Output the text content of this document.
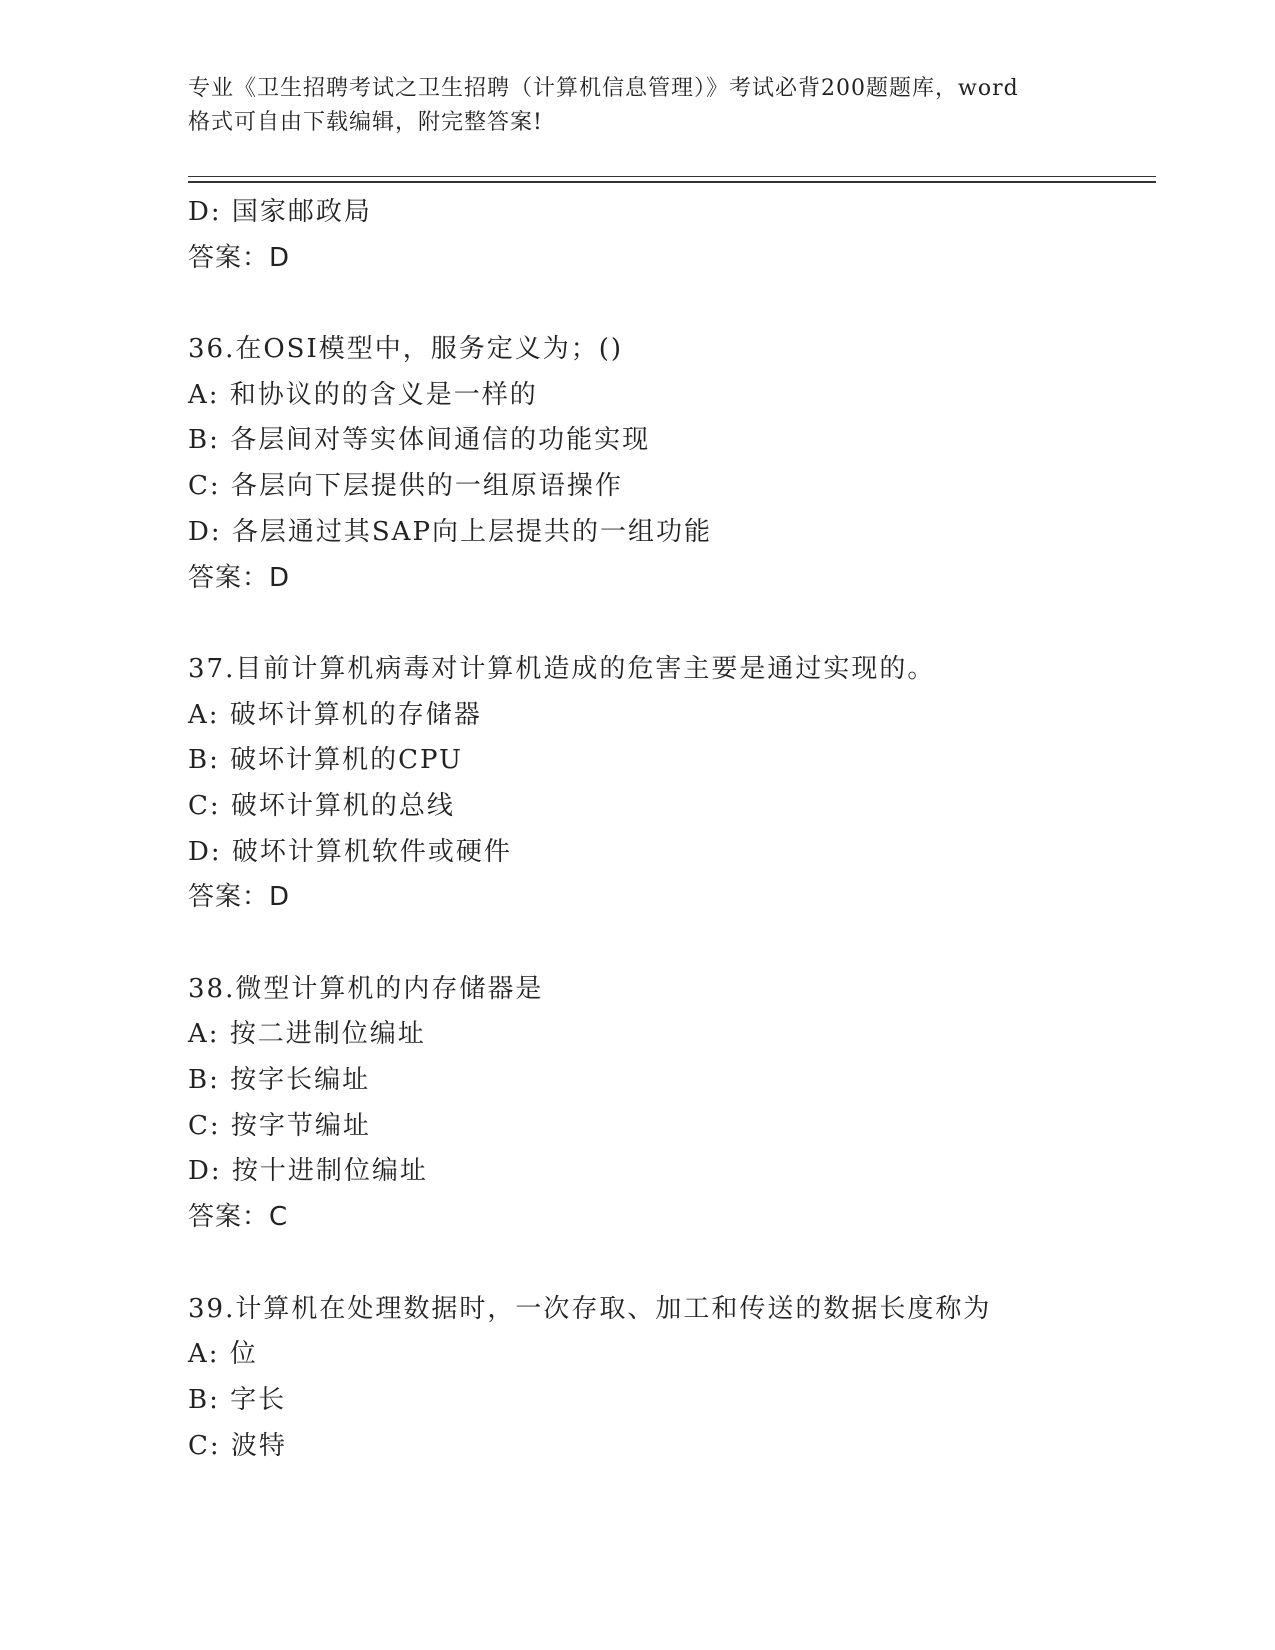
专业《卫生招聘考试之卫生招聘（计算机信息管理）》考试必背200题题库，word
格式可自由下载编辑，附完整答案!
D: 国家邮政局
答案：D
36.在OSI模型中，服务定义为；()
A: 和协议的的含义是一样的
B: 各层间对等实体间通信的功能实现
C: 各层向下层提供的一组原语操作
D: 各层通过其SAP向上层提共的一组功能
答案：D
37.目前计算机病毒对计算机造成的危害主要是通过实现的。
A: 破坏计算机的存储器
B: 破坏计算机的CPU
C: 破坏计算机的总线
D: 破坏计算机软件或硬件
答案：D
38.微型计算机的内存储器是
A: 按二进制位编址
B: 按字长编址
C: 按字节编址
D: 按十进制位编址
答案：C
39.计算机在处理数据时，一次存取、加工和传送的数据长度称为
A: 位
B: 字长
C: 波特
